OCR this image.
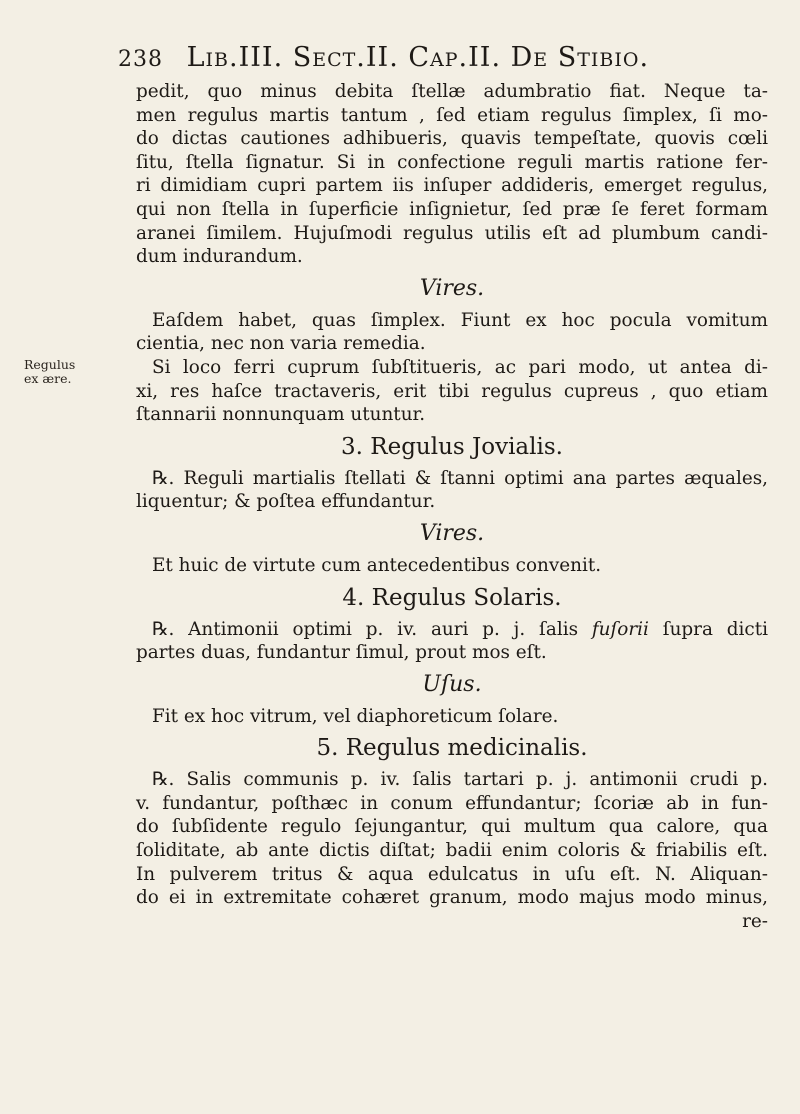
238 Lib.III. Sect.II. Cap.II. De Stibio.
Regulus
ex ære.
pedit, quo minus debita ſtellæ adumbratio fiat. Neque ta-
men regulus martis tantum , ſed etiam regulus ſimplex, ſi mo-
do dictas cautiones adhibueris, quavis tempeſtate, quovis cœli
ſitu, ſtella ſignatur. Si in confectione reguli martis ratione fer-
ri dimidiam cupri partem iis inſuper addideris, emerget regulus,
qui non ſtella in ſuperficie inſignietur, ſed præ ſe feret formam
aranei ſimilem. Hujuſmodi regulus utilis eſt ad plumbum candi-
dum indurandum.
Vires.
Eaſdem habet, quas ſimplex. Fiunt ex hoc pocula vomitum
cientia, nec non varia remedia.
Si loco ferri cuprum ſubſtitueris, ac pari modo, ut antea di-
xi, res haſce tractaveris, erit tibi regulus cupreus , quo etiam
ſtannarii nonnunquam utuntur.
3. Regulus Jovialis.
℞. Reguli martialis ſtellati & ſtanni optimi ana partes æquales,
liquentur; & poſtea effundantur.
Vires.
Et huic de virtute cum antecedentibus convenit.
4. Regulus Solaris.
℞. Antimonii optimi p. iv. auri p. j. ſalis fuſorii ſupra dicti
partes duas, fundantur ſimul, prout mos eſt.
Uſus.
Fit ex hoc vitrum, vel diaphoreticum ſolare.
5. Regulus medicinalis.
℞. Salis communis p. iv. ſalis tartari p. j. antimonii crudi p.
v. fundantur, poſthæc in conum effundantur; ſcoriæ ab in fun-
do ſubſidente regulo ſejungantur, qui multum qua calore, qua
ſoliditate, ab ante dictis diſtat; badii enim coloris & friabilis eſt.
In pulverem tritus & aqua edulcatus in uſu eſt. N. Aliquan-
do ei in extremitate cohæret granum, modo majus modo minus,
re-
